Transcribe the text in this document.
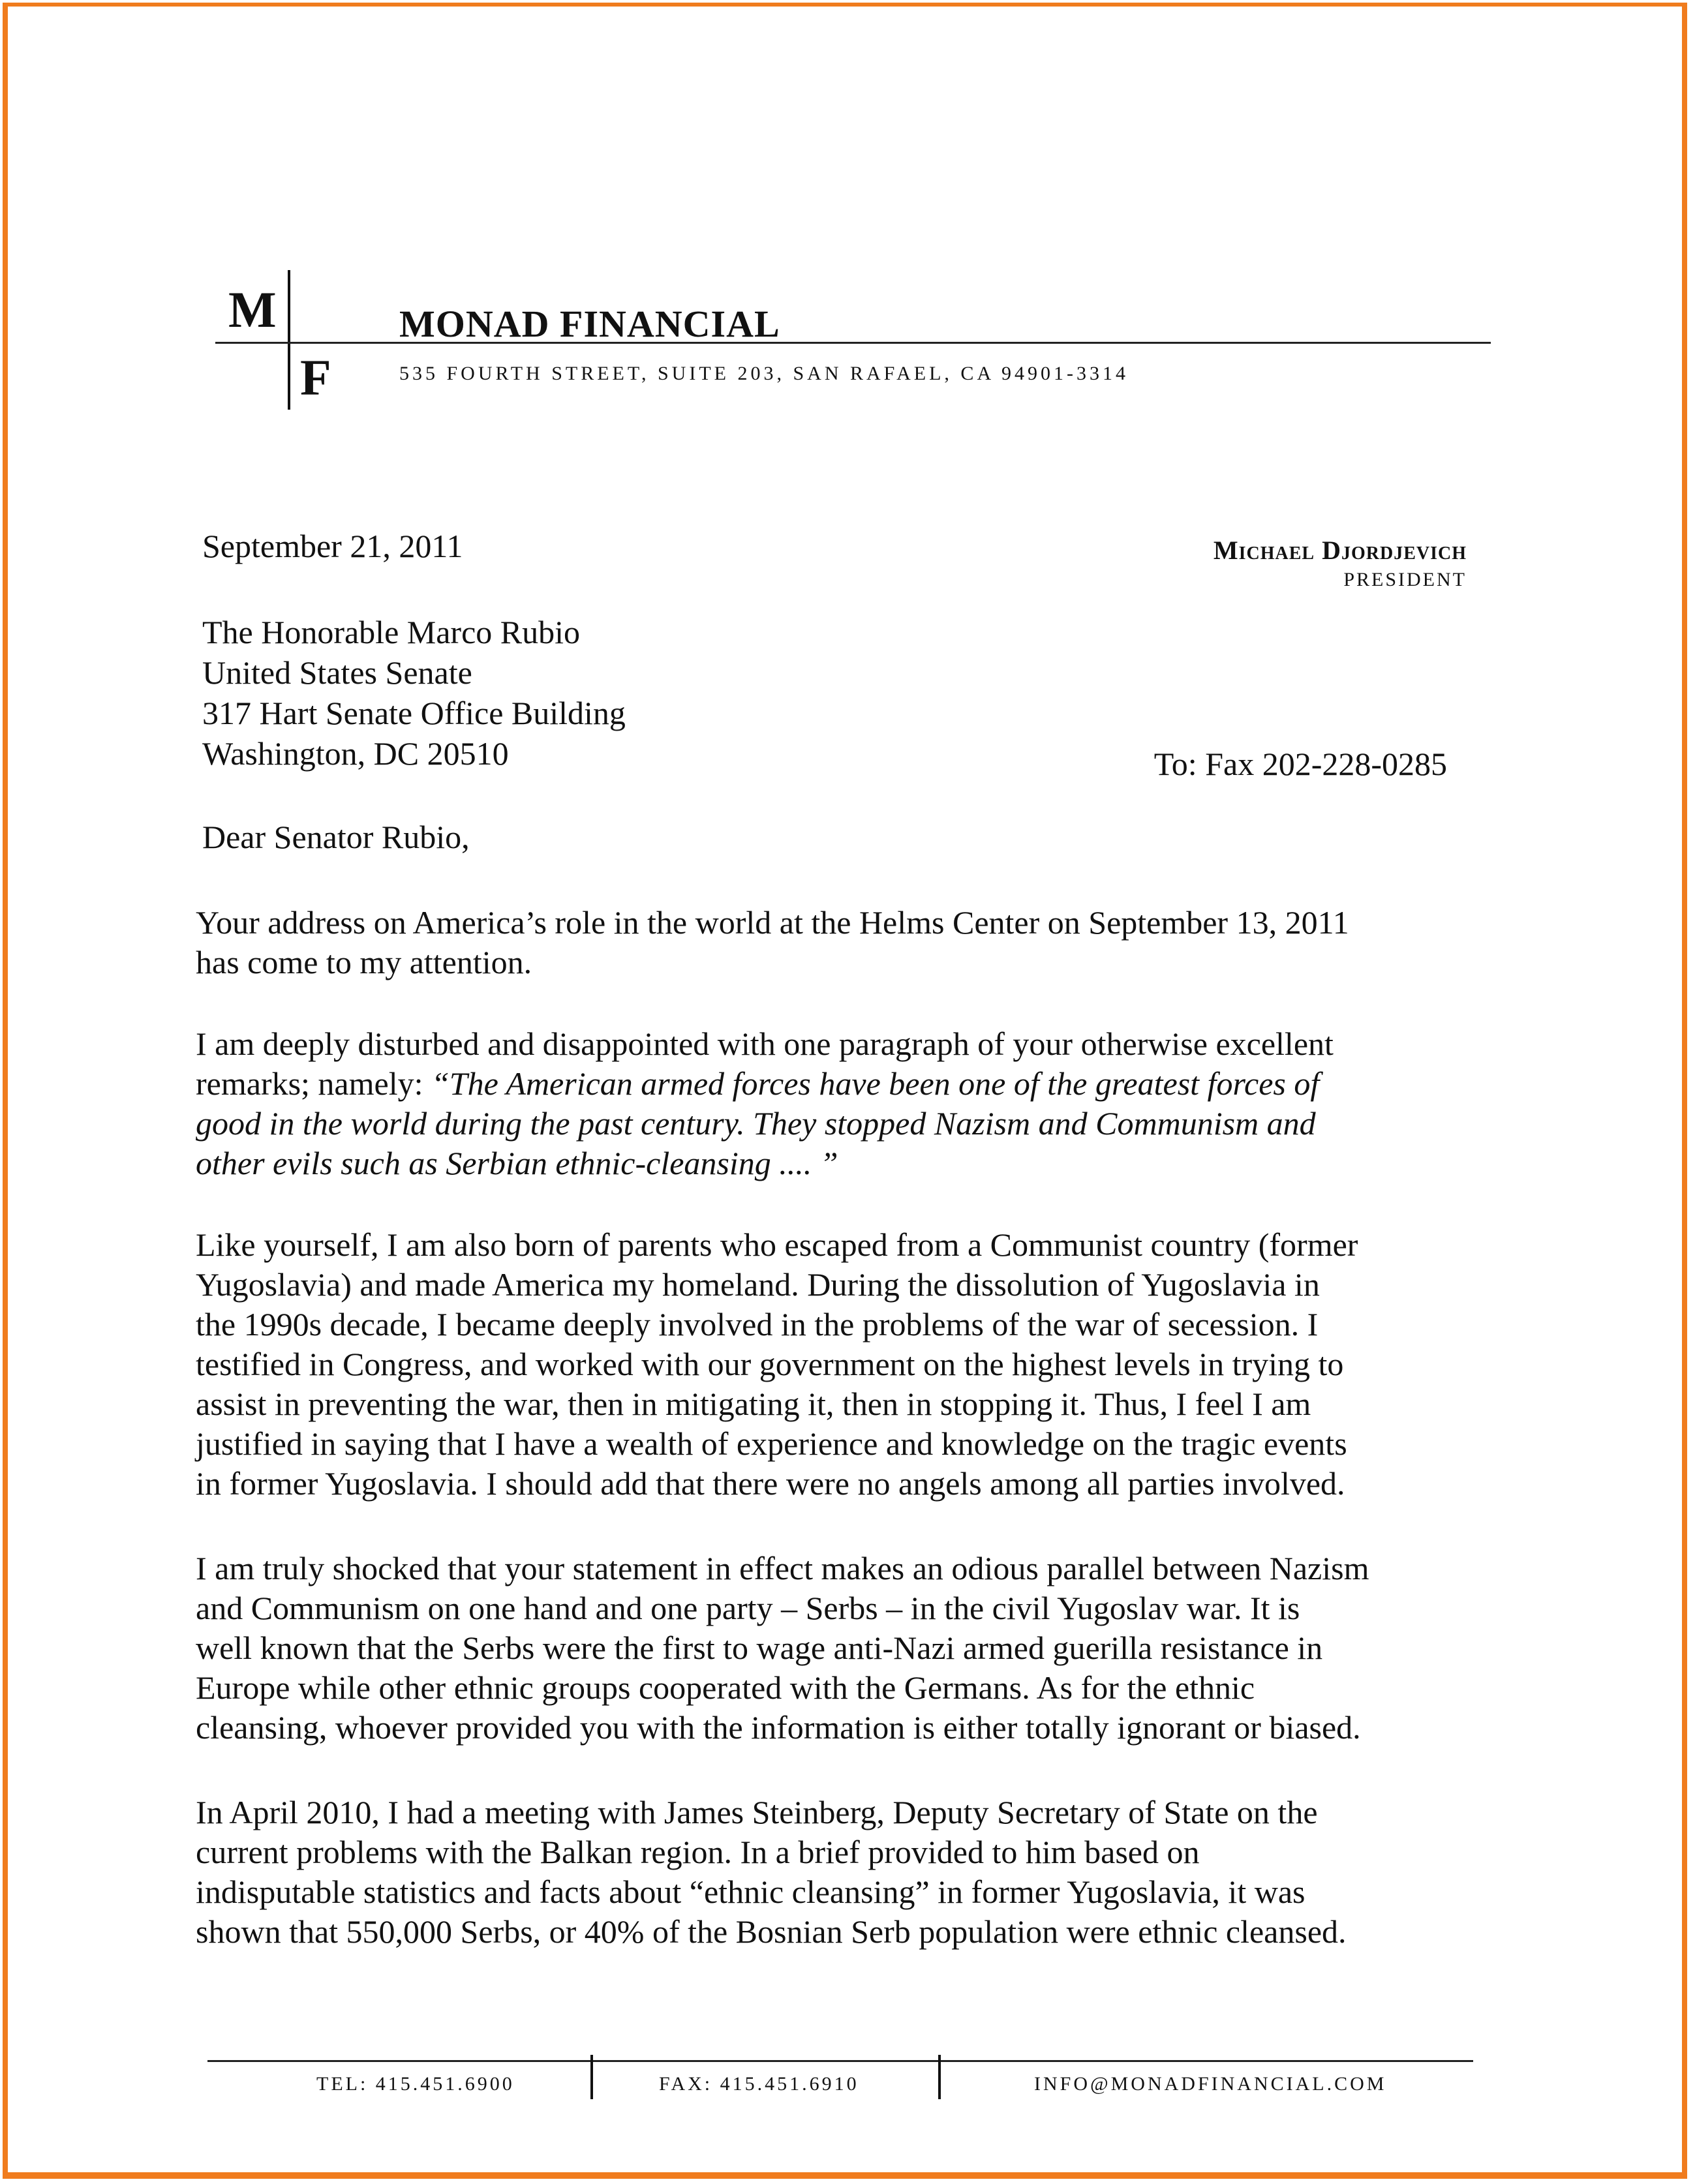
M
F
MONAD FINANCIAL
535 FOURTH STREET, SUITE 203, SAN RAFAEL, CA 94901-3314
September 21, 2011	Michael Djordjevich
PRESIDENT
The Honorable Marco Rubio
United States Senate
317 Hart Senate Office Building
Washington, DC 20510	To: Fax 202-228-0285
Dear Senator Rubio,
Your address on America’s role in the world at the Helms Center on September 13, 2011
has come to my attention.
I am deeply disturbed and disappointed with one paragraph of your otherwise excellent
remarks; namely: “The American armed forces have been one of the greatest forces of
good in the world during the past century. They stopped Nazism and Communism and
other evils such as Serbian ethnic-cleansing .... ”
Like yourself, I am also born of parents who escaped from a Communist country (former
Yugoslavia) and made America my homeland. During the dissolution of Yugoslavia in
the 1990s decade, I became deeply involved in the problems of the war of secession. I
testified in Congress, and worked with our government on the highest levels in trying to
assist in preventing the war, then in mitigating it, then in stopping it. Thus, I feel I am
justified in saying that I have a wealth of experience and knowledge on the tragic events
in former Yugoslavia. I should add that there were no angels among all parties involved.
I am truly shocked that your statement in effect makes an odious parallel between Nazism
and Communism on one hand and one party – Serbs – in the civil Yugoslav war. It is
well known that the Serbs were the first to wage anti-Nazi armed guerilla resistance in
Europe while other ethnic groups cooperated with the Germans. As for the ethnic
cleansing, whoever provided you with the information is either totally ignorant or biased.
In April 2010, I had a meeting with James Steinberg, Deputy Secretary of State on the
current problems with the Balkan region. In a brief provided to him based on
indisputable statistics and facts about “ethnic cleansing” in former Yugoslavia, it was
shown that 550,000 Serbs, or 40% of the Bosnian Serb population were ethnic cleansed.
TEL: 415.451.6900	FAX: 415.451.6910	INFO@MONADFINANCIAL.COM
